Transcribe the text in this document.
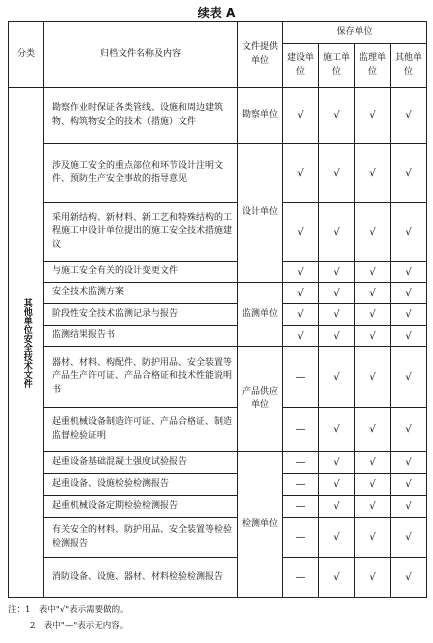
续表 A
分类	归档文件名称及内容	文件提供单位	保存单位			
			建设单位	施工单位	监理单位	其他单位

其他单位安全技术文件	勘察作业时保证各类管线、设施和周边建筑物、构筑物安全的技术（措施）文件	勘察单位	√	√	√	√
	涉及施工安全的重点部位和环节设计注明文件、预防生产安全事故的指导意见	设计单位	√	√	√	√
	采用新结构、新材料、新工艺和特殊结构的工程施工中设计单位提出的施工安全技术措施建议		√	√	√	√
	与施工安全有关的设计变更文件		√	√	√	√
	安全技术监测方案	监测单位	√	√	√	√
	阶段性安全技术监测记录与报告		√	√	√	√
	监测结果报告书		√	√	√	√
	器材、材料、构配件、防护用品、安全装置等产品生产许可证、产品合格证和技术性能说明书	产品供应单位	—	√	√	√
	起重机械设备制造许可证、产品合格证、制造监督检验证明		—	√	√	√
	起重设备基础混凝土强度试验报告	检测单位	—	√	√	√
	起重设备、设施检验检测报告		—	√	√	√
	起重机械设备定期检验检测报告		—	√	√	√
	有关安全的材料、防护用品、安全装置等检验检测报告		—	√	√	√
	消防设备、设施、器材、材料检验检测报告		—	√	√	√
注：1　表中"√"表示需要做的。
2　表中"—"表示无内容。
